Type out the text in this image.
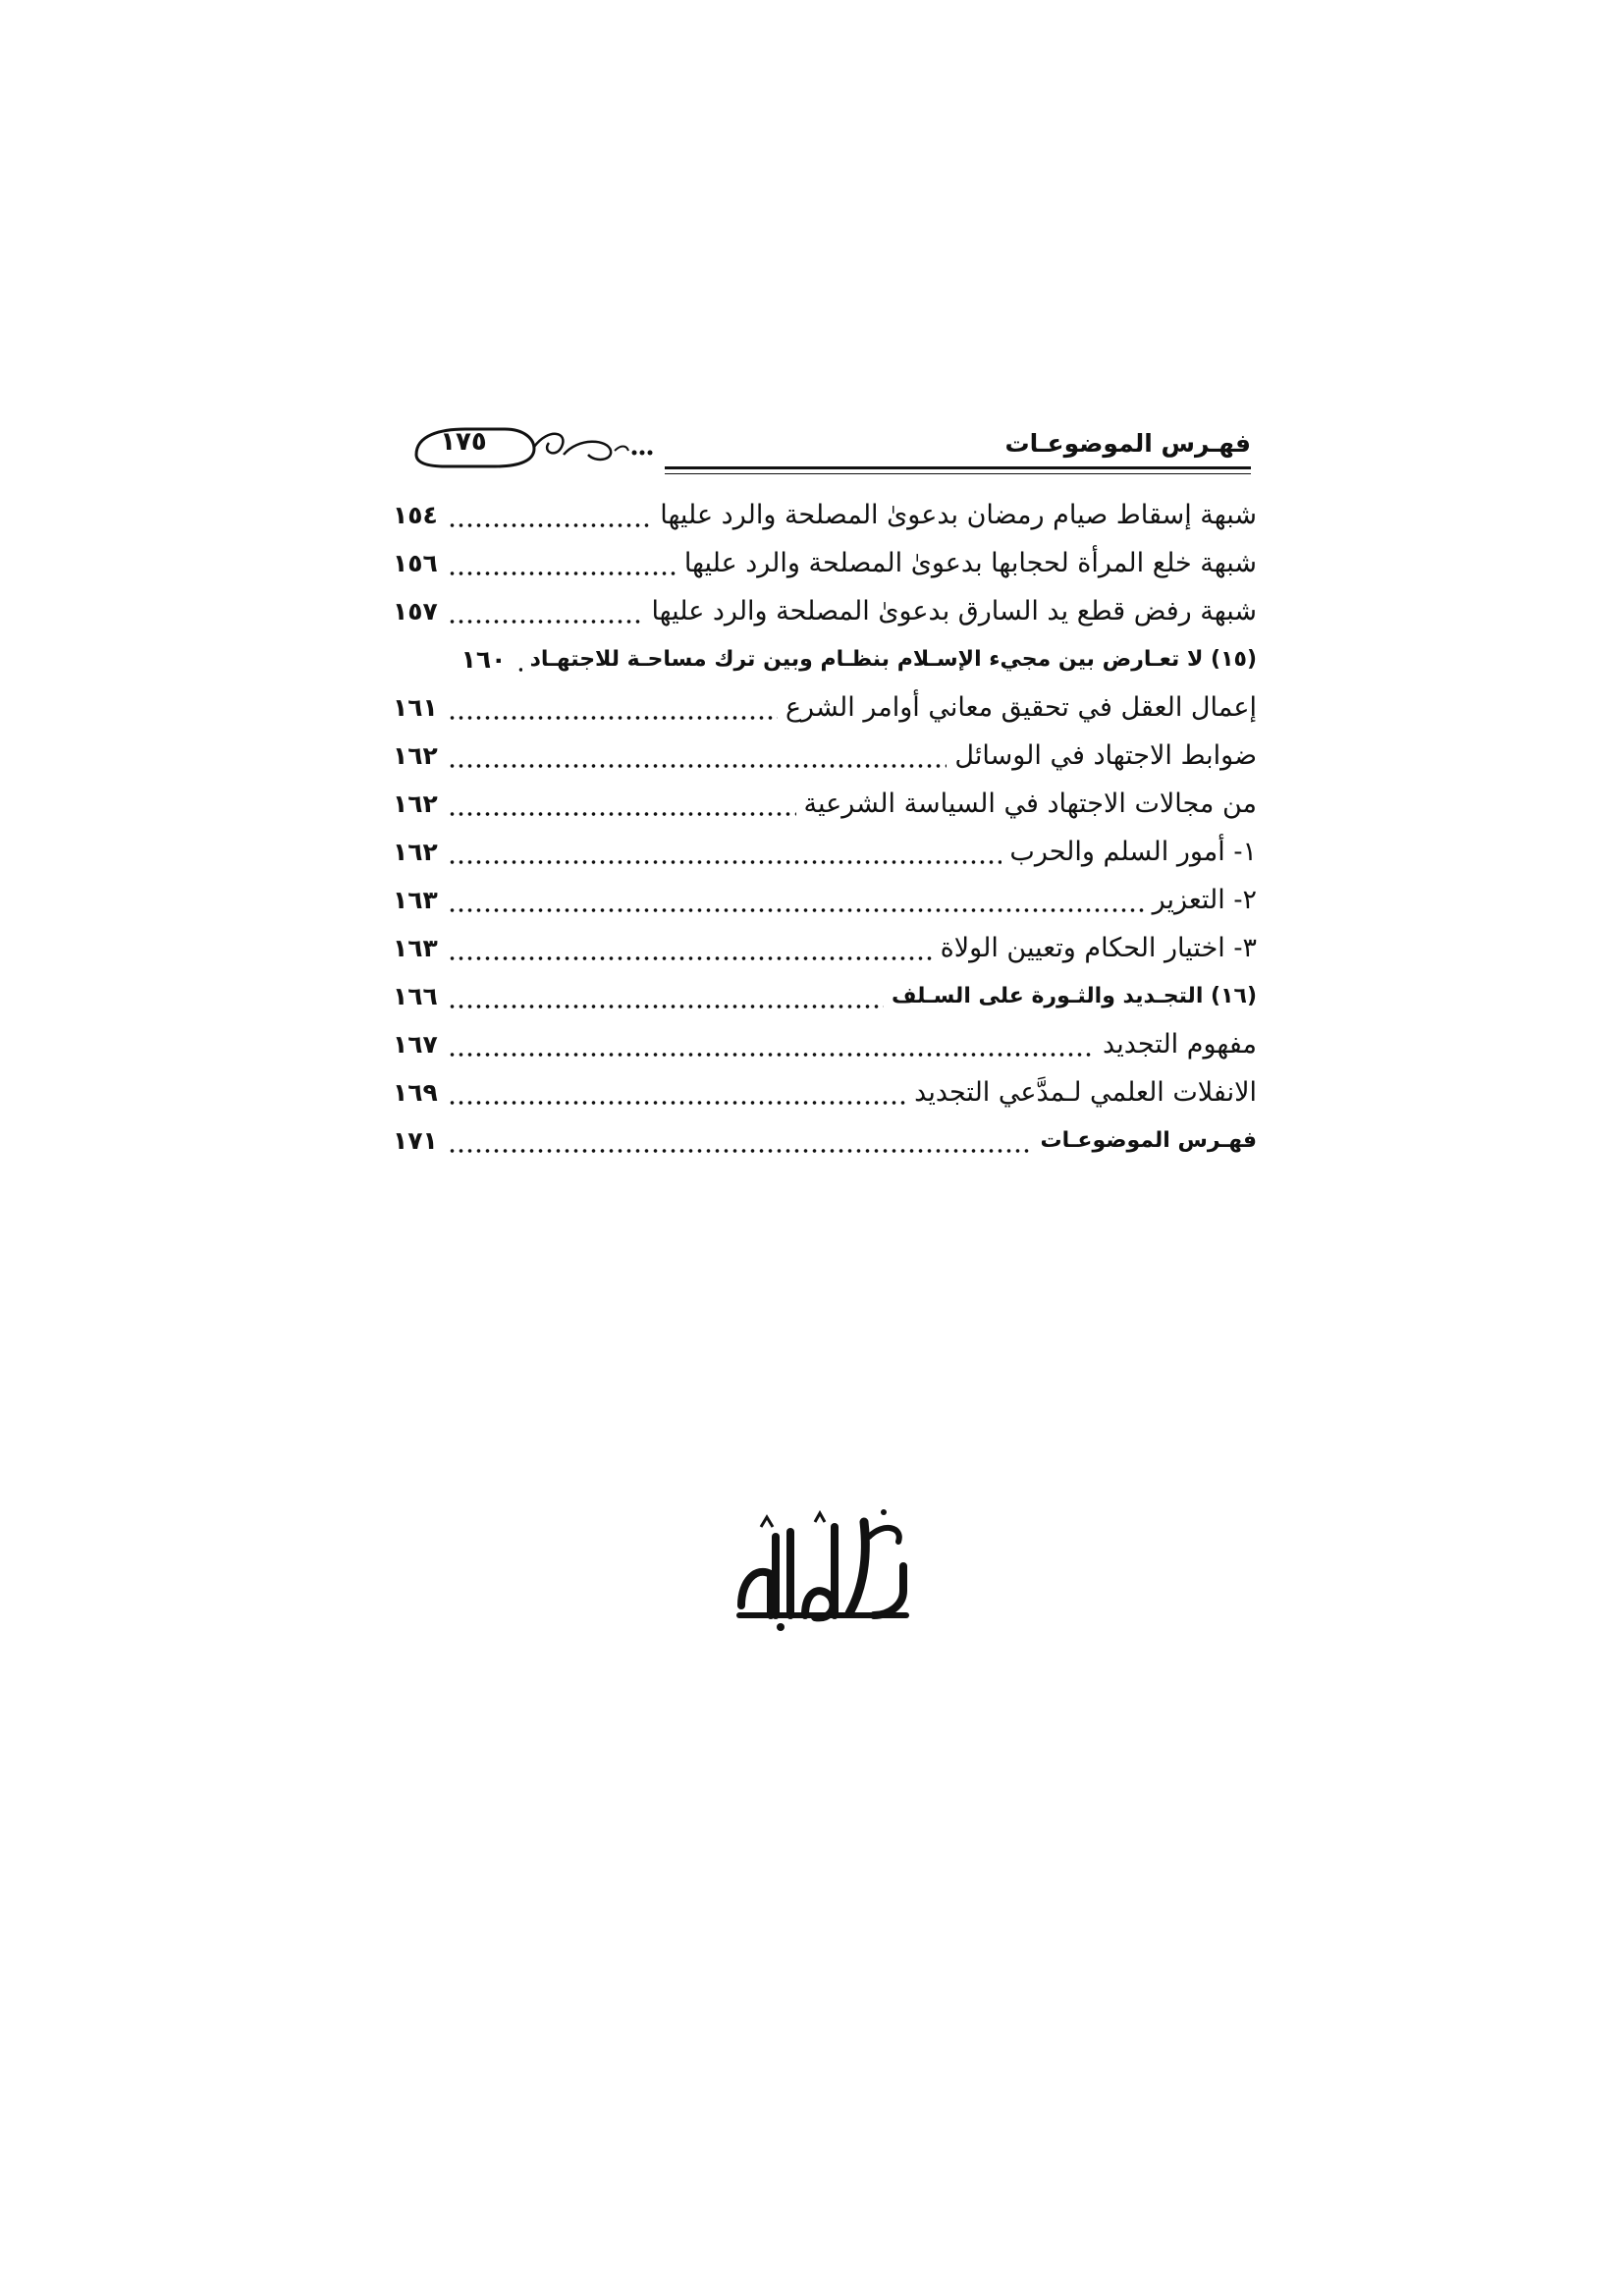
١٧٥	فهـرس الموضوعـات
شبهة إسقاط صيام رمضان بدعوىٰ المصلحة والرد عليها
١٥٤
شبهة خلع المرأة لحجابها بدعوىٰ المصلحة والرد عليها
١٥٦
شبهة رفض قطع يد السارق بدعوىٰ المصلحة والرد عليها
١٥٧
(١٥) لا تعـارض بين مجيء الإسـلام بنظـام وبين ترك مساحـة للاجتهـاد
١٦٠
إعمال العقل في تحقيق معاني أوامر الشرع
١٦١
ضوابط الاجتهاد في الوسائل
١٦٢
من مجالات الاجتهاد في السياسة الشرعية
١٦٢
١- أمور السلم والحرب
١٦٢
٢- التعزير
١٦٣
٣- اختيار الحكام وتعيين الولاة
١٦٣
(١٦) التجـديد والثـورة على السـلف
١٦٦
مفهوم التجديد
١٦٧
الانفلات العلمي لـمدَّعي التجديد
١٦٩
فهـرس الموضوعـات
١٧١
